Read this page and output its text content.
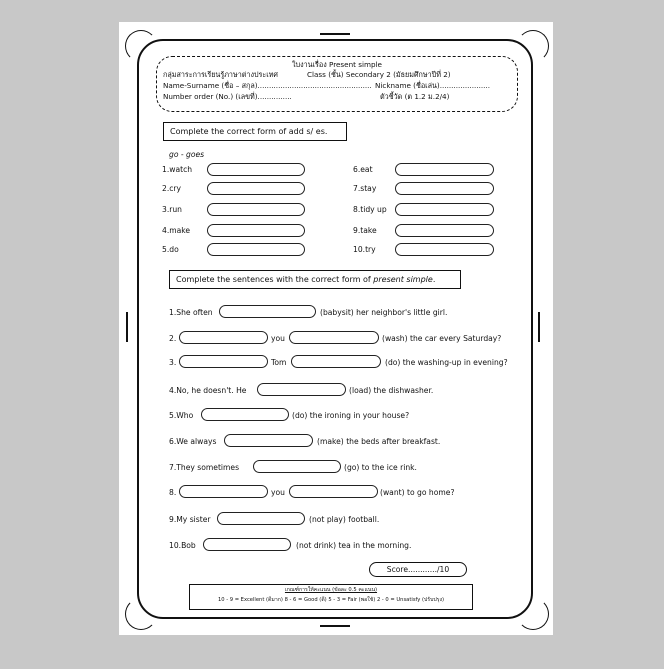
ใบงานเรื่อง Present simple
กลุ่มสาระการเรียนรู้ภาษาต่างประเทศ	Class (ชั้น) Secondary 2 (มัธยมศึกษาปีที่ 2)
Name-Surname (ชื่อ – สกุล).................................................. Nickname (ชื่อเล่น)......................
Number order (No.) (เลขที่)...............	ตัวชี้วัด (ต 1.2 ม.2/4)
Complete the correct form of add s/ es.
go - goes
1.watch
2.cry
3.run
4.make
5.do
6.eat
7.stay
8.tidy up
9.take
10.try
Complete the sentences with the correct form of present simple.
1.She often	(babysit) her neighbor's little girl.
2.	you	(wash) the car every Saturday?
3.	Tom	(do) the washing-up in evening?
4.No, he doesn't. He	(load) the dishwasher.
5.Who	(do) the ironing in your house?
6.We always	(make) the beds after breakfast.
7.They sometimes	(go) to the ice rink.
8.	you	(want) to go home?
9.My sister	(not play) football.
10.Bob	(not drink) tea in the morning.
Score............/10
เกณฑ์การให้คะแนน (ข้อละ 0.5 คะแนน)
10 - 9 = Excellent (ดีมาก) 8 - 6 = Good (ดี) 5 - 3 = Fair (พอใช้) 2 - 0 = Unsatisfy (ปรับปรุง)
